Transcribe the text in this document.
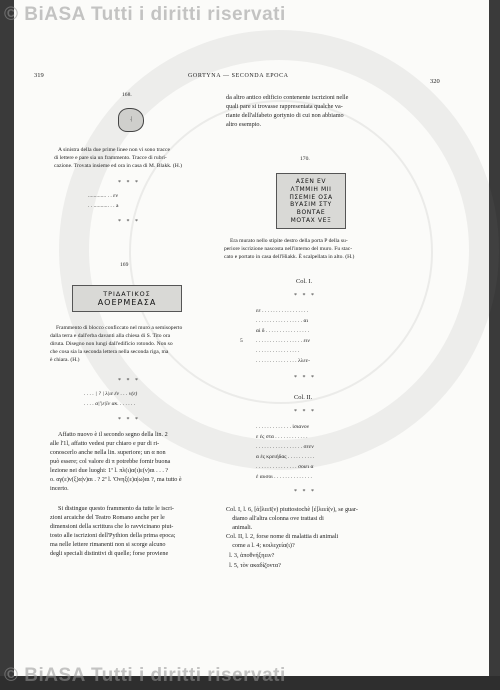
© BiASA Tutti i diritti riservati
© BiASA Tutti i diritti riservati
319	GORTYNA — SECONDA EPOCA
320
168.
ᛆ
A sinistra della due prime linee non vi sono tracce
di lettere e pare sia un frammento. Tracce di rubri-
cazione. Trovata insieme ed ora in casa di M. Blakk. (H.)
* * *
............. . . εν
. . ........... . . a
* * *
169
ΤΡΙΔΑΤΙΚΟΣ
ΑΟΕΡΜΕΑΣΑ
Frammento di blocco conficcato nel muro a semisoperto
dalla terra e dall'erba davanti alla chiesa di S. Tito ora
diruta. Disegno non lungi dall'edificio rotondo. Non so
che cosa sia la seconda lettera nella seconda riga, ma
è chiara. (H.)
* * *
. . . . | ? | λ|ιε ἐν . . . ν(ε)
. . . . α|'|ε|ῑν ακ. . . . . . .
* * *
Affatto nuovo è il secondo segno della lin. 2
alle l'1l, affatto vedesi pur chiaro e pur di ri-
conoscerlo anche nella lin. superiore; un α non
può essere; col valore di π potrebbe fornir buona
lezione nei due luoghi: 1ª l. πλ(ι)α(ι)ε(ν)αι . . . ?
o. αγ(ε)ν(ξ)α|ν)αι . ? 2ª l. 'Ονηξ(ε)α|ω)αι ?, ma tutto è
incerto.
Si distingue questo frammento da tutte le iscri-
zioni arcaiche del Teatro Romano anche per le
dimensioni della scrittura che lo ravvicinano piut-
tosto alle iscrizioni dell'Pythion della prima epoca;
ma nelle lettere rimanenti non si scorge alcuno
degli speciali distintivi di quelle; forse proviene
da altro antico edificio contenente iscrizioni nelle
quali pare si trovasse rappresentata qualche va-
riante dell'alfabeto gortynio di cui non abbiamo
altro esempio.
170.
ΑΣΕΝ ΕV
ΛΤΜΜΙΗ ΜΙΙ
ΠΣΕΜΙΕ ΟΣΑ
ΒΥΑΣΙΜ ΣΤΥ
ΒΟΝΤΑΕ
ΜΟΤΑΧ VΕΞ
Era murato nello stipite destro della porta P della su-
periore iscrizione nascosta nell'interno del muro. Fu stac-
cato e portato in casa dell'Hiakk. È scalpellata in alto. (H.)
Col. I.
* * *
εε . . . . . . . . . . . . . . . . .
. . . . . . . . . . . . . . . . . αι
αί δ . . . . . . . . . . . . . . . .
5 . . . . . . . . . . . . . . . . . ειν
. . . . . . . . . . . . . . . .
. . . . . . . . . . . . . . . λλεε-
* * *
Col. II.
* * *
. . . . . . . . . . . . . ἱσιανον
ε ἐς στα . . . . . . . . . . . .
. . . . . . . . . . . . . . . . . σεεν
α ἐς κρειήδας . . . . . . . . . .
. . . . . . . . . . . . . . . σοιει α
ἐ αυσοι . . . . . . . . . . . . . .
* * *
Col. I, l. 6, [ἀ]λεεῖ(ν) piuttostochè [ἐ]λεεί(ν), se guar-
diamo all'altra colonna ove trattasi di
animali.
Col. II, l. 2, forse nome di malattia di animali
come a l. 4; κοιλεχεία(ι)?
l. 3, ἀποθνήξηειν?
l. 5, τὸν ακαδίζοντα?
